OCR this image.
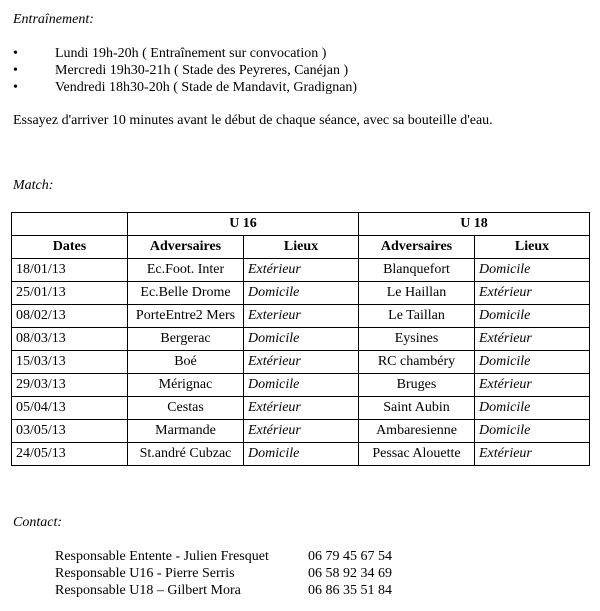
Entraînement:
•	Lundi 19h-20h ( Entraînement sur convocation )
•	Mercredi 19h30-21h ( Stade des Peyreres, Canéjan )
•	Vendredi 18h30-20h ( Stade de Mandavit, Gradignan)
Essayez d'arriver 10 minutes avant le début de chaque séance, avec sa bouteille d'eau.
Match:
	U 16		U 18	
Dates	Adversaires	Lieux	Adversaires	Lieux
18/01/13	Ec.Foot. Inter	Extérieur	Blanquefort	Domicile
25/01/13	Ec.Belle Drome	Domicile	Le Haillan	Extérieur
08/02/13	PorteEntre2 Mers	Exterieur	Le Taillan	Domicile
08/03/13	Bergerac	Domicile	Eysines	Extérieur
15/03/13	Boé	Extérieur	RC chambéry	Domicile
29/03/13	Mérignac	Domicile	Bruges	Extérieur
05/04/13	Cestas	Extérieur	Saint Aubin	Domicile
03/05/13	Marmande	Extérieur	Ambaresienne	Domicile
24/05/13	St.andré Cubzac	Domicile	Pessac Alouette	Extérieur
Contact:
Responsable Entente - Julien Fresquet	06 79 45 67 54
Responsable U16 - Pierre Serris	06 58 92 34 69
Responsable U18 – Gilbert Mora	06 86 35 51 84
